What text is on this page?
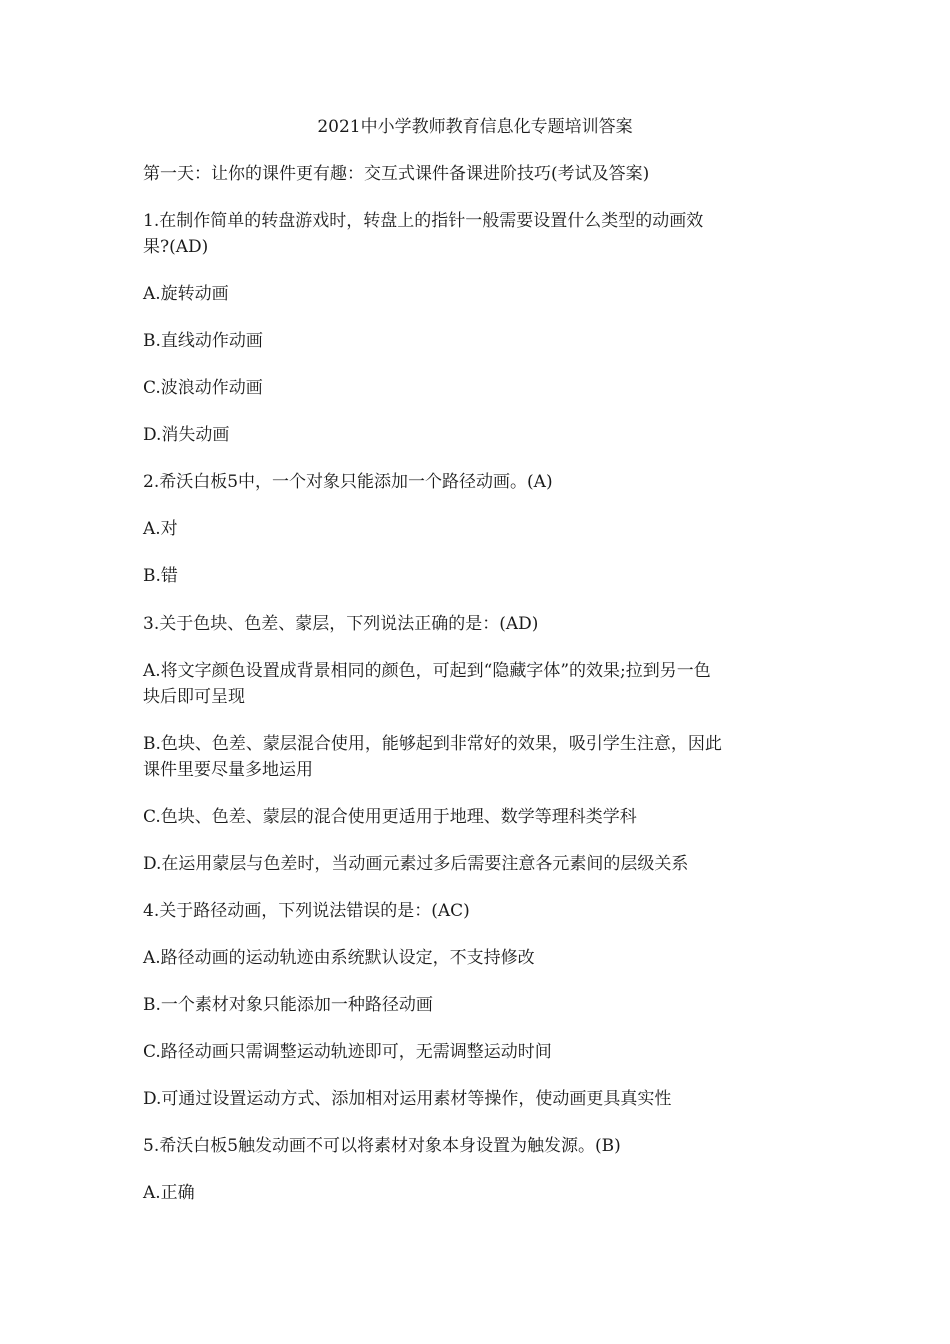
2021中小学教师教育信息化专题培训答案
第一天：让你的课件更有趣：交互式课件备课进阶技巧(考试及答案)
1.在制作简单的转盘游戏时，转盘上的指针一般需要设置什么类型的动画效
果?(AD)
A.旋转动画
B.直线动作动画
C.波浪动作动画
D.消失动画
2.希沃白板5中，一个对象只能添加一个路径动画。(A)
A.对
B.错
3.关于色块、色差、蒙层，下列说法正确的是：(AD)
A.将文字颜色设置成背景相同的颜色，可起到“隐藏字体”的效果;拉到另一色
块后即可呈现
B.色块、色差、蒙层混合使用，能够起到非常好的效果，吸引学生注意，因此
课件里要尽量多地运用
C.色块、色差、蒙层的混合使用更适用于地理、数学等理科类学科
D.在运用蒙层与色差时，当动画元素过多后需要注意各元素间的层级关系
4.关于路径动画，下列说法错误的是：(AC)
A.路径动画的运动轨迹由系统默认设定，不支持修改
B.一个素材对象只能添加一种路径动画
C.路径动画只需调整运动轨迹即可，无需调整运动时间
D.可通过设置运动方式、添加相对运用素材等操作，使动画更具真实性
5.希沃白板5触发动画不可以将素材对象本身设置为触发源。(B)
A.正确
